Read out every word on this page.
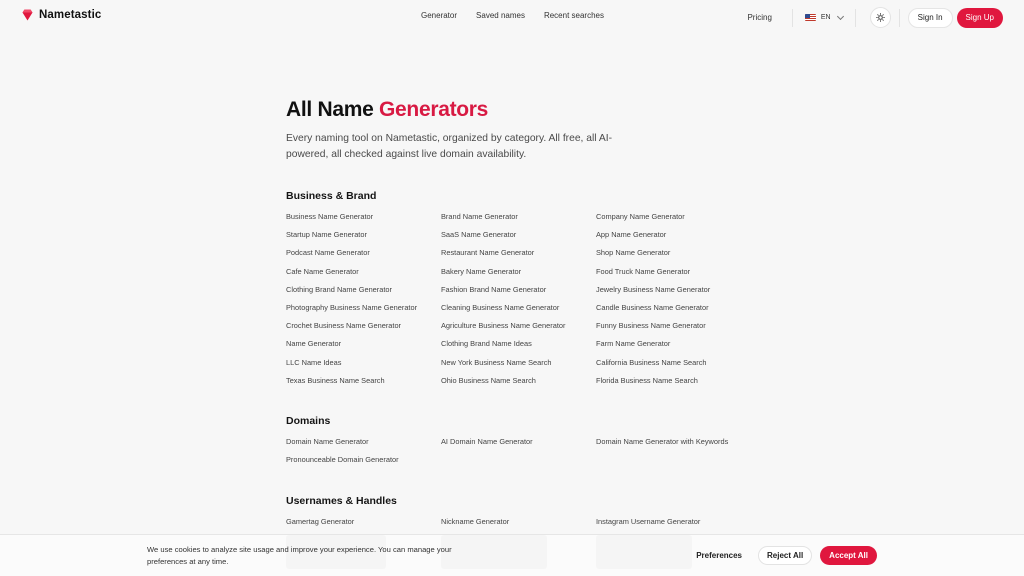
Nametastic	Generator Saved names Recent searches	Pricing	EN	Sign In	Sign Up
All Name Generators

Every naming tool on Nametastic, organized by category. All free, all AI-powered, all checked against live domain availability.

Business & Brand
Business Name Generator	Brand Name Generator	Company Name Generator
Startup Name Generator	SaaS Name Generator	App Name Generator
Podcast Name Generator	Restaurant Name Generator	Shop Name Generator
Cafe Name Generator	Bakery Name Generator	Food Truck Name Generator
Clothing Brand Name Generator	Fashion Brand Name Generator	Jewelry Business Name Generator
Photography Business Name Generator	Cleaning Business Name Generator	Candle Business Name Generator
Crochet Business Name Generator	Agriculture Business Name Generator	Funny Business Name Generator
Name Generator	Clothing Brand Name Ideas	Farm Name Generator
LLC Name Ideas	New York Business Name Search	California Business Name Search
Texas Business Name Search	Ohio Business Name Search	Florida Business Name Search
Domains
Domain Name Generator	AI Domain Name Generator	Domain Name Generator with Keywords
Pronounceable Domain Generator
Usernames & Handles
Gamertag Generator	Nickname Generator	Instagram Username Generator

We use cookies to analyze site usage and improve your experience. You can manage your preferences at any time.

Preferences	Reject All	Accept All
